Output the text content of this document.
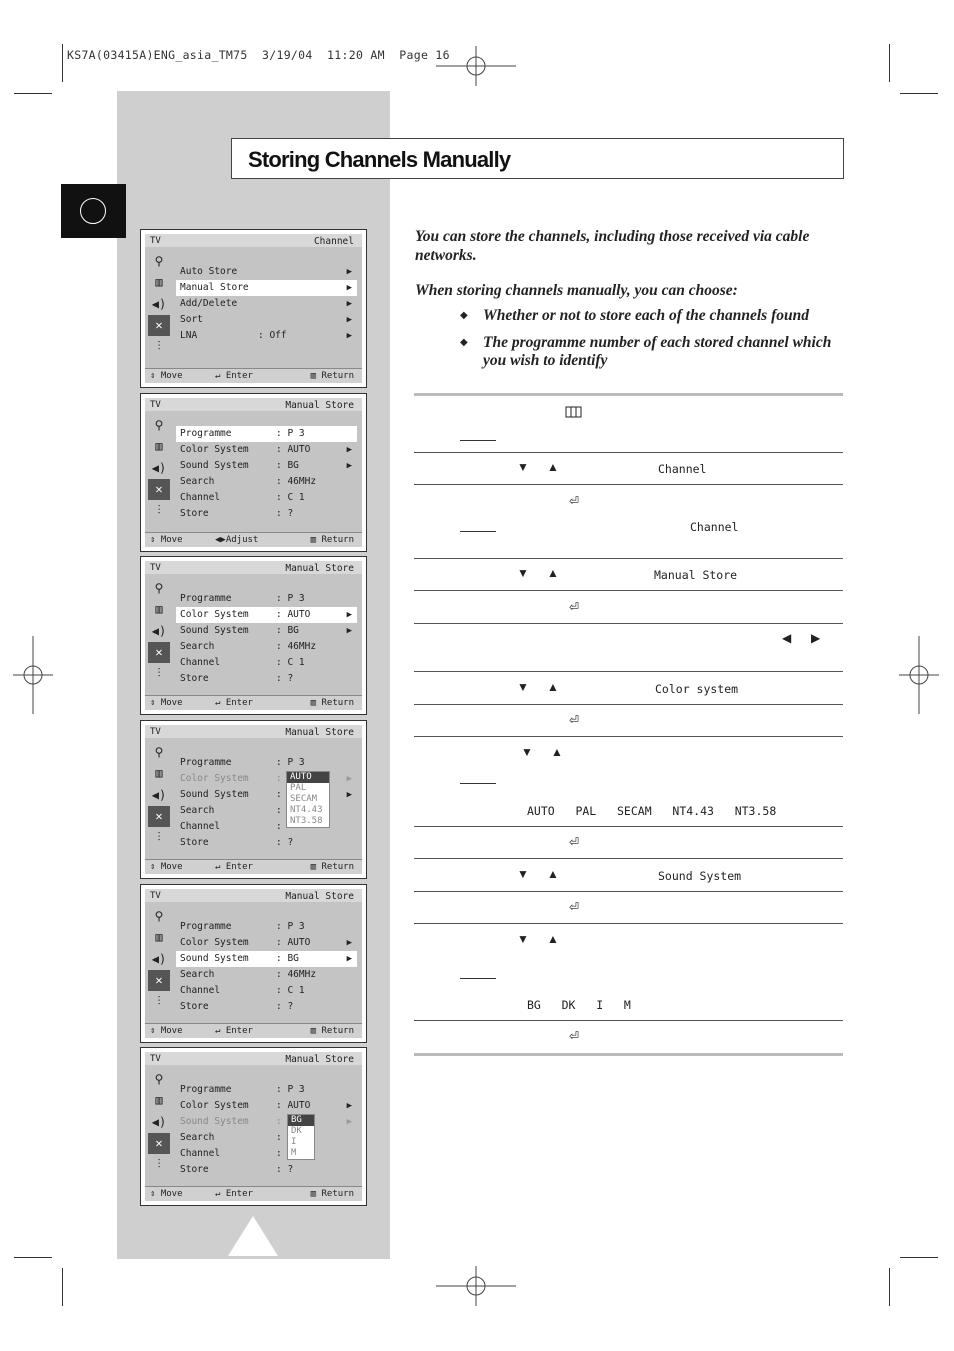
KS7A(03415A)ENG_asia_TM75  3/19/04  11:20 AM  Page 16
Storing Channels Manually
TV	Channel
⚲
▥
◀)
✕
⫶
Auto Store	▶
Manual Store	▶
Add/Delete	▶
Sort	▶
LNA	: Off	▶
⇕ Move	↵ Enter	▥ Return
TV	Manual Store
⚲
▥
◀)
✕
⫶
Programme	: P 3
Color System	: AUTO	▶
Sound System	: BG	▶
Search	: 46MHz
Channel	: C 1
Store	: ?
⇕ Move	◀▶Adjust	▥ Return
TV	Manual Store
⚲
▥
◀)
✕
⫶
Programme	: P 3
Color System	: AUTO	▶
Sound System	: BG	▶
Search	: 46MHz
Channel	: C 1
Store	: ?
⇕ Move	↵ Enter	▥ Return
TV	Manual Store
⚲
▥
◀)
✕
⫶
Programme	: P 3
Color System	:	▶
Sound System	:	▶
Search	:
Channel	:
Store	: ?
AUTO
PAL
SECAM
NT4.43
NT3.58
⇕ Move	↵ Enter	▥ Return
TV	Manual Store
⚲
▥
◀)
✕
⫶
Programme	: P 3
Color System	: AUTO	▶
Sound System	: BG	▶
Search	: 46MHz
Channel	: C 1
Store	: ?
⇕ Move	↵ Enter	▥ Return
TV	Manual Store
⚲
▥
◀)
✕
⫶
Programme	: P 3
Color System	: AUTO	▶
Sound System	:	▶
Search	:
Channel	:
Store	: ?
BG
DK
I
M
⇕ Move	↵ Enter	▥ Return
You can store the channels, including those received via cable networks.
When storing channels manually, you can choose:
◆ Whether or not to store each of the channels found
◆ The programme number of each stored channel which you wish to identify
▼ ▲	Channel
⏎
Channel
▼ ▲	Manual Store
⏎
◀ ▶
▼ ▲	Color system
⏎
▼ ▲
AUTO   PAL   SECAM   NT4.43   NT3.58
⏎
▼ ▲	Sound System
⏎
▼ ▲
BG   DK   I   M
⏎
